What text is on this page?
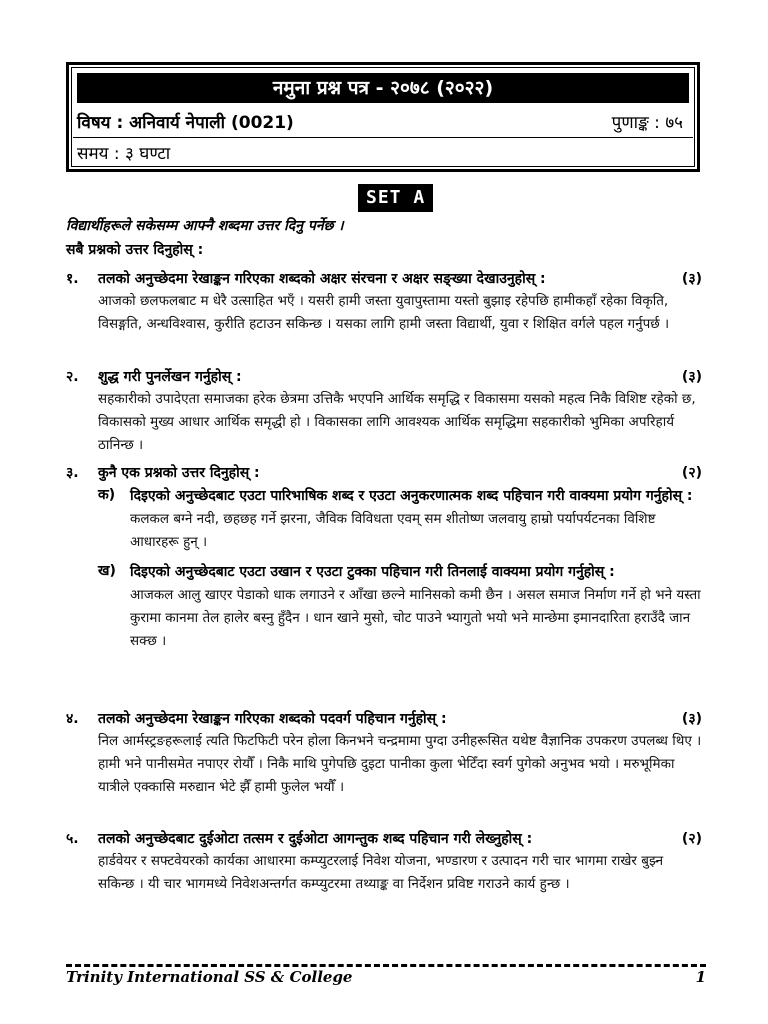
नमुना प्रश्न पत्र - २०७८ (२०२२)
विषय : अनिवार्य नेपाली (0021)	पुणाङ्क : ७५
समय : ३ घण्टा
SET A
विद्यार्थीहरूले सकेसम्म आफ्नै शब्दमा उत्तर दिनु पर्नेछ ।
सबै प्रश्नको उत्तर दिनुहोस् :
१. तलको अनुच्छेदमा रेखाङ्कन गरिएका शब्दको अक्षर संरचना र अक्षर सङ्ख्या देखाउनुहोस् :	(३)
आजको छलफलबाट म धेरै उत्साहित भएँ । यसरी हामी जस्ता युवापुस्तामा यस्तो बुझाइ रहेपछि हामीकहाँ रहेका विकृति, विसङ्गति, अन्धविश्वास, कुरीति हटाउन सकिन्छ । यसका लागि हामी जस्ता विद्यार्थी, युवा र शिक्षित वर्गले पहल गर्नुपर्छ ।
२. शुद्ध गरी पुनर्लेखन गर्नुहोस् :	(३)
सहकारीको उपादेएता समाजका हरेक छेत्रमा उत्तिकै भएपनि आर्थिक समृद्धि र विकासमा यसको महत्व निकै विशिष्ट रहेको छ, विकासको मुख्य आधार आर्थिक समृद्धी हो । विकासका लागि आवश्यक आर्थिक समृद्धिमा सहकारीको भुमिका अपरिहार्य ठानिन्छ ।
३. कुनै एक प्रश्नको उत्तर दिनुहोस् :	(२)
क) दिइएको अनुच्छेदबाट एउटा पारिभाषिक शब्द र एउटा अनुकरणात्मक शब्द पहिचान गरी वाक्यमा प्रयोग गर्नुहोस् :
कलकल बग्ने नदी, छहछह गर्ने झरना, जैविक विविधता एवम् सम शीतोष्ण जलवायु हाम्रो पर्यापर्यटनका विशिष्ट आधारहरू हुन् ।
ख) दिइएको अनुच्छेदबाट एउटा उखान र एउटा टुक्का पहिचान गरी तिनलाई वाक्यमा प्रयोग गर्नुहोस् :
आजकल आलु खाएर पेडाको धाक लगाउने र आँखा छल्ने मानिसको कमी छैन । असल समाज निर्माण गर्ने हो भने यस्ता कुरामा कानमा तेल हालेर बस्नु हुँदैन । धान खाने मुसो, चोट पाउने भ्यागुतो भयो भने मान्छेमा इमानदारिता हराउँदै जान सक्छ ।
४. तलको अनुच्छेदमा रेखाङ्कन गरिएका शब्दको पदवर्ग पहिचान गर्नुहोस् :	(३)
निल आर्मस्ट्रङहरूलाई त्यति फिटफिटी परेन होला किनभने चन्द्रमामा पुग्दा उनीहरूसित यथेष्ट वैज्ञानिक उपकरण उपलब्ध थिए । हामी भने पानीसमेत नपाएर रोयौँ । निकै माथि पुगेपछि दुइटा पानीका कुला भेटिँदा स्वर्ग पुगेको अनुभव भयो । मरुभूमिका यात्रीले एक्कासि मरुद्यान भेटे झैँ हामी फुलेल भयौँ ।
५. तलको अनुच्छेदबाट दुईओटा तत्सम र दुईओटा आगन्तुक शब्द पहिचान गरी लेख्नुहोस् :	(२)
हार्डवेयर र सफ्टवेयरको कार्यका आधारमा कम्प्युटरलाई निवेश योजना, भण्डारण र उत्पादन गरी चार भागमा राखेर बुझ्न सकिन्छ । यी चार भागमध्ये निवेशअन्तर्गत कम्प्युटरमा तथ्याङ्क वा निर्देशन प्रविष्ट गराउने कार्य हुन्छ ।
Trinity International SS & College	1
